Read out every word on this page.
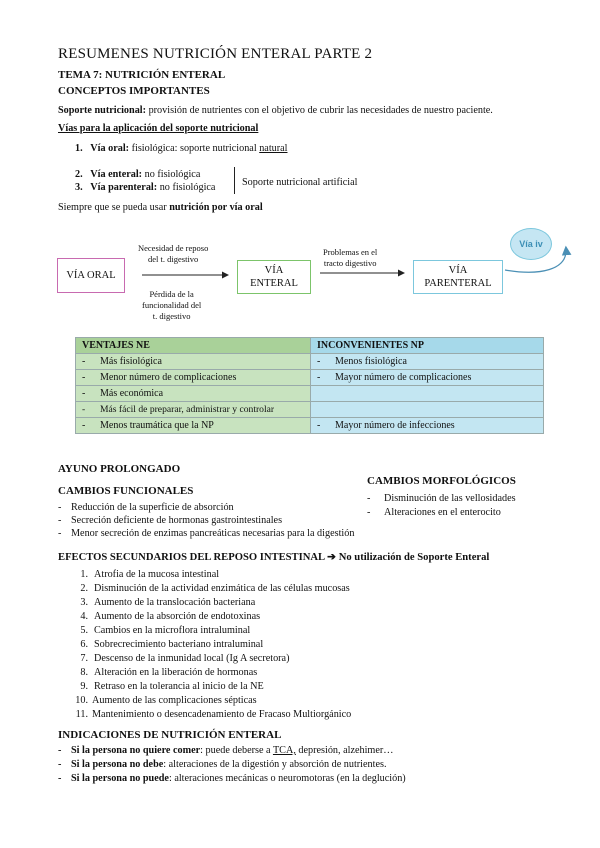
RESUMENES NUTRICIÓN ENTERAL PARTE 2
TEMA 7: NUTRICIÓN ENTERAL
CONCEPTOS IMPORTANTES
Soporte nutricional: provisión de nutrientes con el objetivo de cubrir las necesidades de nuestro paciente.
Vías para la aplicación del soporte nutricional
1. Vía oral: fisiológica: soporte nutricional natural
2. Vía enteral: no fisiológica
3. Vía parenteral: no fisiológica	Soporte nutricional artificial
Siempre que se pueda usar nutrición por vía oral
VÍA ORAL	VÍA
ENTERAL
VÍA
PARENTERAL
Necesidad de reposo
del t. digestivo
Pérdida de la
funcionalidad del
t. digestivo
Problemas en el
tracto digestivo
Vía iv
VENTAJES NE	INCONVENIENTES NP
- Más fisiológica	- Menos fisiológica
- Menor número de complicaciones	- Mayor número de complicaciones
- Más económica	
- Más fácil de preparar, administrar y controlar	
- Menos traumática que la NP	- Mayor número de infecciones
AYUNO PROLONGADO
CAMBIOS FUNCIONALES
- Reducción de la superficie de absorción
- Secreción deficiente de hormonas gastrointestinales
- Menor secreción de enzimas pancreáticas necesarias para la digestión
CAMBIOS MORFOLÓGICOS
- Disminución de las vellosidades
- Alteraciones en el enterocito
EFECTOS SECUNDARIOS DEL REPOSO INTESTINAL ➔ No utilización de Soporte Enteral
1. Atrofia de la mucosa intestinal
2. Disminución de la actividad enzimática de las células mucosas
3. Aumento de la translocación bacteriana
4. Aumento de la absorción de endotoxinas
5. Cambios en la microflora intraluminal
6. Sobrecrecimiento bacteriano intraluminal
7. Descenso de la inmunidad local (Ig A secretora)
8. Alteración en la liberación de hormonas
9. Retraso en la tolerancia al inicio de la NE
10. Aumento de las complicaciones sépticas
11. Mantenimiento o desencadenamiento de Fracaso Multiorgánico
INDICACIONES DE NUTRICIÓN ENTERAL
- Si la persona no quiere comer: puede deberse a TCA, depresión, alzehimer…
- Si la persona no debe: alteraciones de la digestión y absorción de nutrientes.
- Si la persona no puede: alteraciones mecánicas o neuromotoras (en la deglución)
